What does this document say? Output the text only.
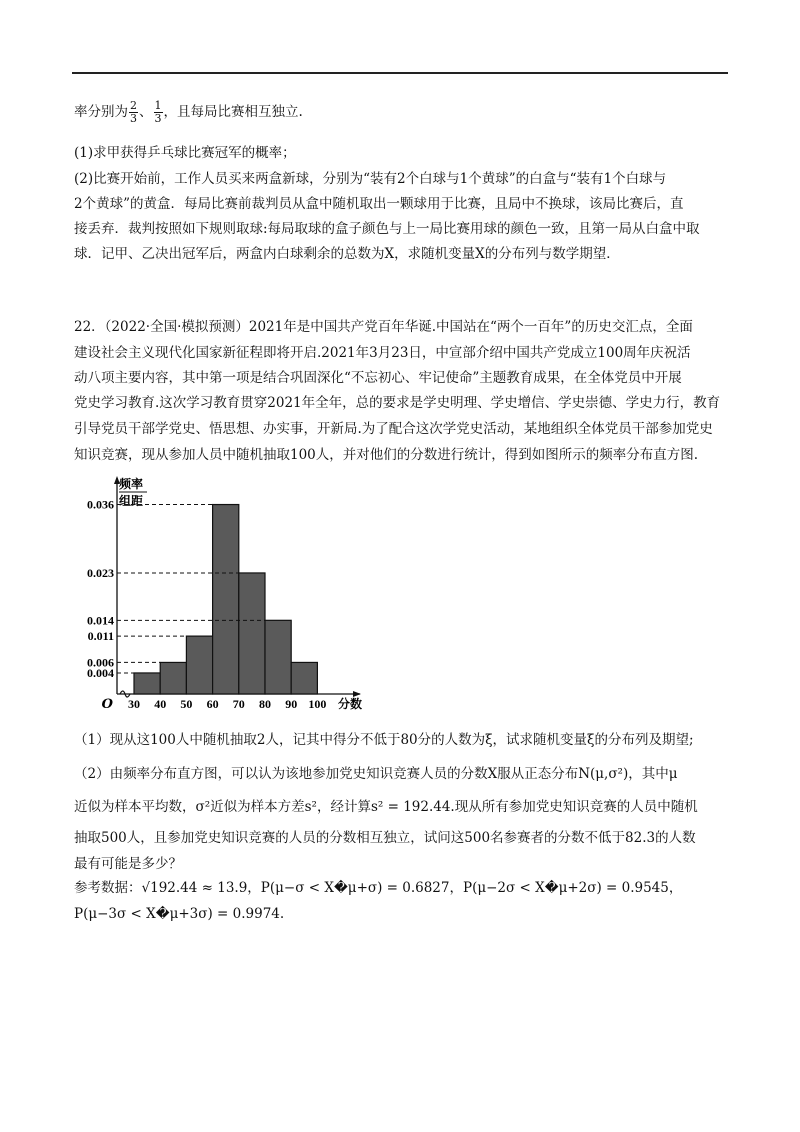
率分别为 $\frac{2}{3}$ 、 $\frac{1}{3}$ ，且每局比赛相互独立.
(1)求甲获得乒乓球比赛冠军的概率；
(2)比赛开始前，工作人员买来两盒新球，分别为“装有2个白球与1个黄球”的白盒与“装有1个白球与
2个黄球”的黄盒．每局比赛前裁判员从盒中随机取出一颗球用于比赛，且局中不换球，该局比赛后，直
接丢弃．裁判按照如下规则取球:每局取球的盒子颜色与上一局比赛用球的颜色一致，且第一局从白盒中取
球．记甲、乙决出冠军后，两盒内白球剩余的总数为X，求随机变量X的分布列与数学期望．
22．（2022·全国·模拟预测）2021年是中国共产党百年华诞.中国站在“两个一百年”的历史交汇点，全面
建设社会主义现代化国家新征程即将开启.2021年3月23日，中宣部介绍中国共产党成立100周年庆祝活
动八项主要内容，其中第一项是结合巩固深化“不忘初心、牢记使命”主题教育成果，在全体党员中开展
党史学习教育.这次学习教育贯穿2021年全年，总的要求是学史明理、学史增信、学史崇德、学史力行，教育
引导党员干部学党史、悟思想、办实事，开新局.为了配合这次学党史活动，某地组织全体党员干部参加党史
知识竞赛，现从参加人员中随机抽取100人，并对他们的分数进行统计，得到如图所示的频率分布直方图.
频率
组距
0.036
0.023
0.014
0.011
0.006
0.004
O 30 40 50 60 70 80 90 100 分数
（1）现从这100人中随机抽取2人，记其中得分不低于80分的人数为ξ，试求随机变量ξ的分布列及期望;
（2）由频率分布直方图，可以认为该地参加党史知识竞赛人员的分数X服从正态分布N(μ,σ²)，其中μ
近似为样本平均数，σ²近似为样本方差s²，经计算s² = 192.44.现从所有参加党史知识竞赛的人员中随机
抽取500人，且参加党史知识竞赛的人员的分数相互独立，试问这500名参赛者的分数不低于82.3的人数
最有可能是多少？
参考数据：√192.44 ≈ 13.9，P(μ−σ < X�μ+σ) = 0.6827，P(μ−2σ < X�μ+2σ) = 0.9545，
P(μ−3σ < X�μ+3σ) = 0.9974.
